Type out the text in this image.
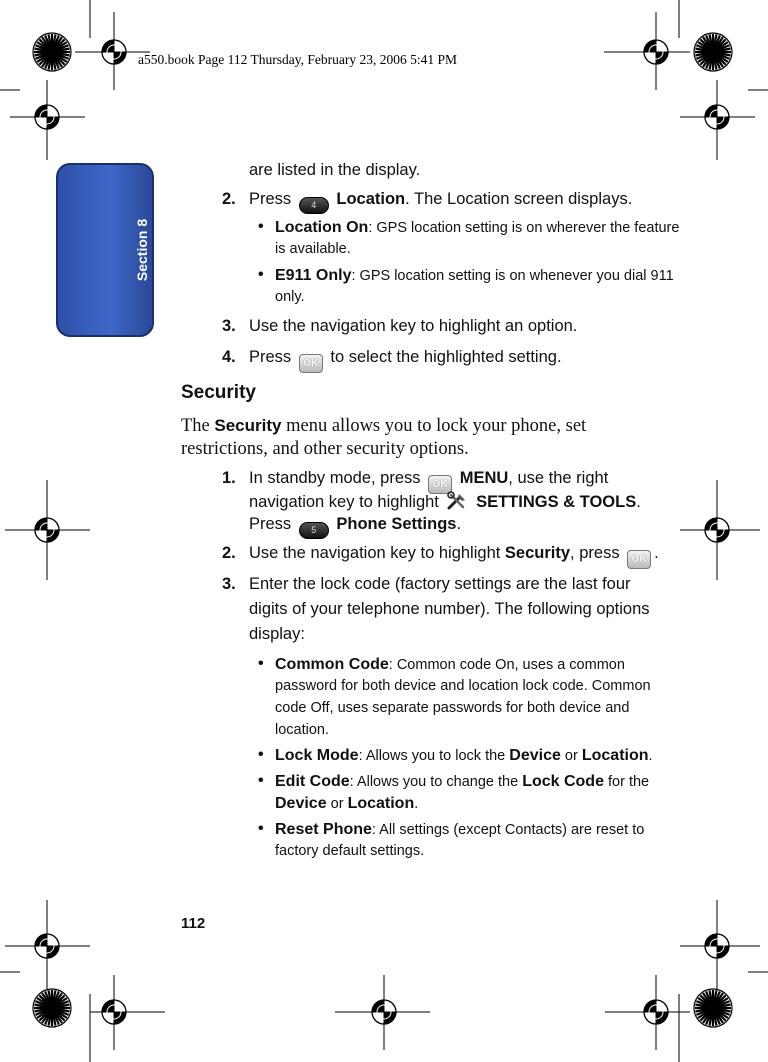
a550.book Page 112 Thursday, February 23, 2006 5:41 PM
Section 8
are listed in the display.
2. Press 4 Location. The Location screen displays.
• Location On: GPS location setting is on wherever the feature
is available.
• E911 Only: GPS location setting is on whenever you dial 911
only.
3. Use the navigation key to highlight an option.
4. Press OK to select the highlighted setting.
Security
The Security menu allows you to lock your phone, set
restrictions, and other security options.
1. In standby mode, press OK MENU, use the right
navigation key to highlight SETTINGS & TOOLS.
Press 5 Phone Settings.
2. Use the navigation key to highlight Security, press OK .
3. Enter the lock code (factory settings are the last four
digits of your telephone number). The following options
display:
• Common Code: Common code On, uses a common
password for both device and location lock code. Common
code Off, uses separate passwords for both device and
location.
• Lock Mode: Allows you to lock the Device or Location.
• Edit Code: Allows you to change the Lock Code for the
Device or Location.
• Reset Phone: All settings (except Contacts) are reset to
factory default settings.
112
